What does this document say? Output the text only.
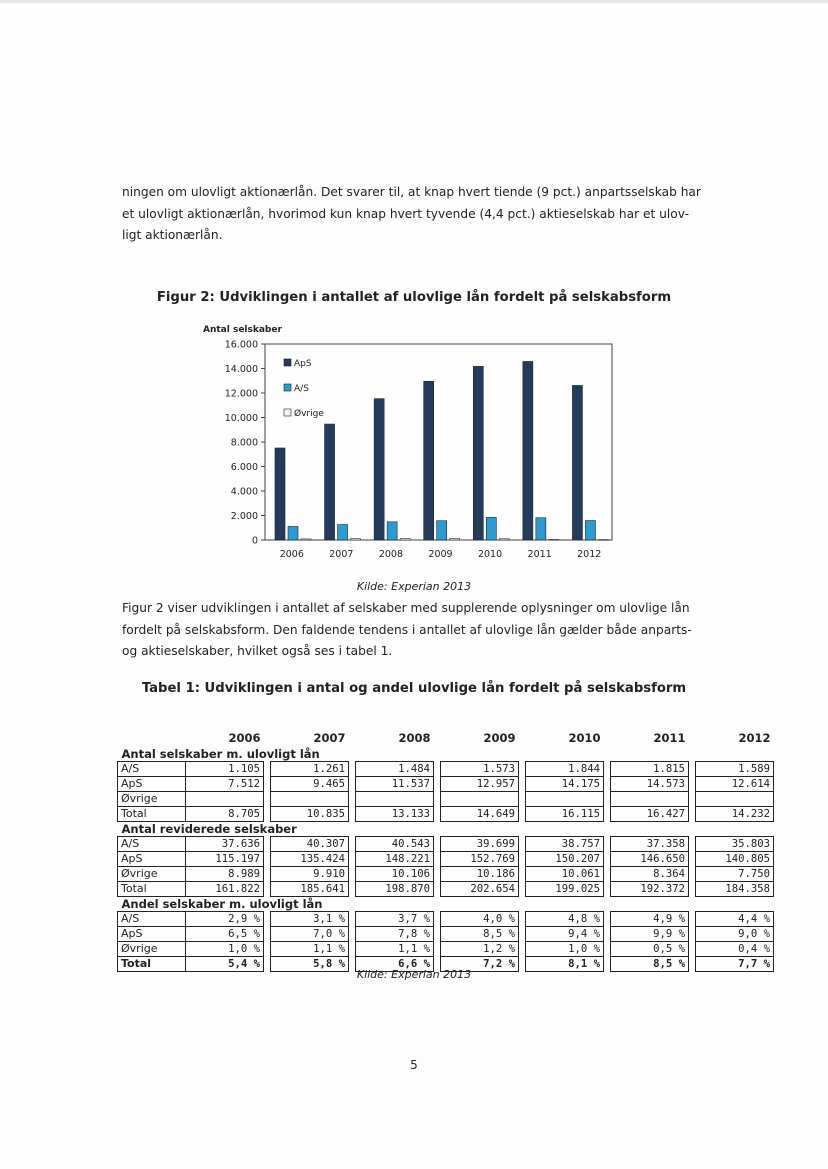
ningen om ulovligt aktionærlån. Det svarer til, at knap hvert tiende (9 pct.) anpartsselskab har
et ulovligt aktionærlån, hvorimod kun knap hvert tyvende (4,4 pct.) aktieselskab har et ulov-
ligt aktionærlån.

Figur 2: Udviklingen i antallet af ulovlige lån fordelt på selskabsform

Antal selskaber
0
2.000
4.000
6.000
8.000
10.000
12.000
14.000
16.000
2006	2007	2008	2009	2010	2011	2012
ApS
A/S
Øvrige

Kilde: Experian 2013

Figur 2 viser udviklingen i antallet af selskaber med supplerende oplysninger om ulovlige lån
fordelt på selskabsform. Den faldende tendens i antallet af ulovlige lån gælder både anparts-
og aktieselskaber, hvilket også ses i tabel 1.

Tabel 1: Udviklingen i antal og andel ulovlige lån fordelt på selskabsform

	2006		2007		2008		2009		2010		2011		2012
Antal selskaber m. ulovligt lån													
A/S	1.105		1.261		1.484		1.573		1.844		1.815		1.589
ApS	7.512		9.465		11.537		12.957		14.175		14.573		12.614
Øvrige													
Total	8.705		10.835		13.133		14.649		16.115		16.427		14.232
Antal reviderede selskaber													
A/S	37.636		40.307		40.543		39.699		38.757		37.358		35.803
ApS	115.197		135.424		148.221		152.769		150.207		146.650		140.805
Øvrige	8.989		9.910		10.106		10.186		10.061		8.364		7.750
Total	161.822		185.641		198.870		202.654		199.025		192.372		184.358
Andel selskaber m. ulovligt lån													
A/S	2,9 %		3,1 %		3,7 %		4,0 %		4,8 %		4,9 %		4,4 %
ApS	6,5 %		7,0 %		7,8 %		8,5 %		9,4 %		9,9 %		9,0 %
Øvrige	1,0 %		1,1 %		1,1 %		1,2 %		1,0 %		0,5 %		0,4 %
Total	5,4 %		5,8 %		6,6 %		7,2 %		8,1 %		8,5 %		7,7 %

Kilde: Experian 2013

5
